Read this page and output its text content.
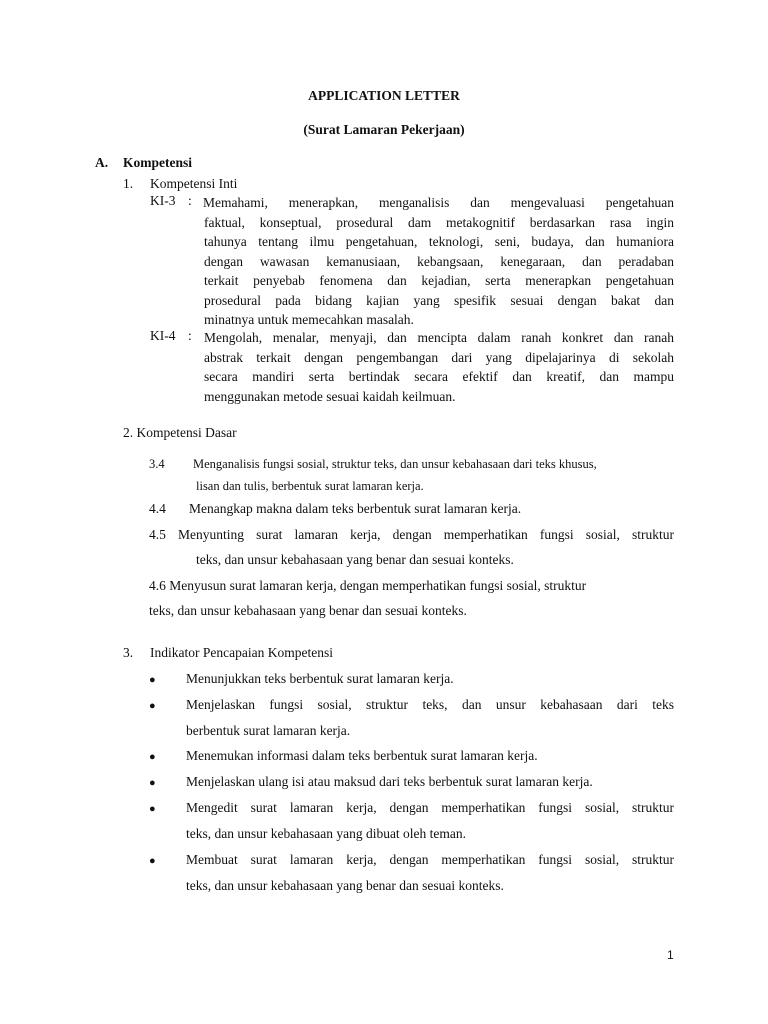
APPLICATION LETTER
(Surat Lamaran Pekerjaan)
A. Kompetensi
1. Kompetensi Inti
KI-3 : Memahami, menerapkan, menganalisis dan mengevaluasi pengetahuan
faktual, konseptual, prosedural dam metakognitif berdasarkan rasa ingin
tahunya tentang ilmu pengetahuan, teknologi, seni, budaya, dan humaniora
dengan wawasan kemanusiaan, kebangsaan, kenegaraan, dan peradaban
terkait penyebab fenomena dan kejadian, serta menerapkan pengetahuan
prosedural pada bidang kajian yang spesifik sesuai dengan bakat dan
minatnya untuk memecahkan masalah.
KI-4 : Mengolah, menalar, menyaji, dan mencipta dalam ranah konkret dan ranah
abstrak terkait dengan pengembangan dari yang dipelajarinya di sekolah
secara mandiri serta bertindak secara efektif dan kreatif, dan mampu
menggunakan metode sesuai kaidah keilmuan.
2. Kompetensi Dasar
3.4 Menganalisis fungsi sosial, struktur teks, dan unsur kebahasaan dari teks khusus,
lisan dan tulis, berbentuk surat lamaran kerja.
4.4 Menangkap makna dalam teks berbentuk surat lamaran kerja.
4.5 Menyunting surat lamaran kerja, dengan memperhatikan fungsi sosial, struktur
teks, dan unsur kebahasaan yang benar dan sesuai konteks.
4.6 Menyusun surat lamaran kerja, dengan memperhatikan fungsi sosial, struktur
teks, dan unsur kebahasaan yang benar dan sesuai konteks.
3. Indikator Pencapaian Kompetensi
● Menunjukkan teks berbentuk surat lamaran kerja.
● Menjelaskan fungsi sosial, struktur teks, dan unsur kebahasaan dari teks
berbentuk surat lamaran kerja.
● Menemukan informasi dalam teks berbentuk surat lamaran kerja.
● Menjelaskan ulang isi atau maksud dari teks berbentuk surat lamaran kerja.
● Mengedit surat lamaran kerja, dengan memperhatikan fungsi sosial, struktur
teks, dan unsur kebahasaan yang dibuat oleh teman.
● Membuat surat lamaran kerja, dengan memperhatikan fungsi sosial, struktur
teks, dan unsur kebahasaan yang benar dan sesuai konteks.
1
